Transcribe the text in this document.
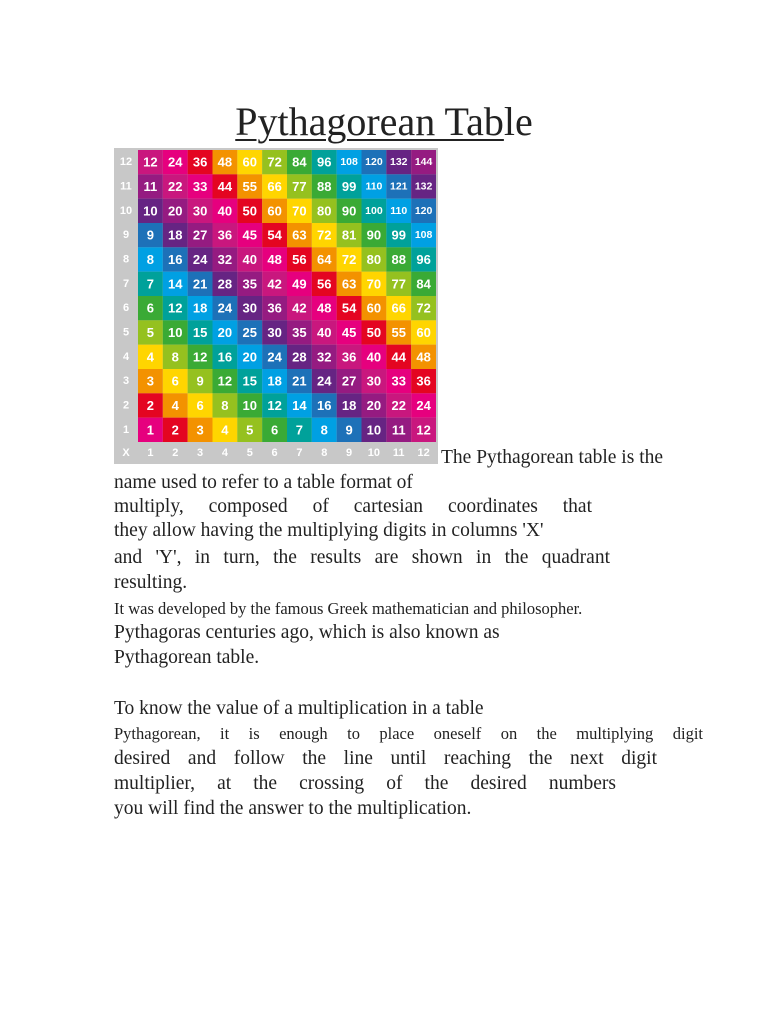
Pythagorean Table
12
11
10
9
8
7
6
5
4
3
2
1
X 1 2 3 4 5 6 7 8 9 10 11 12
12 24 36 48 60 72 84 96 108 120 132 144
11 22 33 44 55 66 77 88 99 110 121 132
10 20 30 40 50 60 70 80 90 100 110 120
9 18 27 36 45 54 63 72 81 90 99 108
8 16 24 32 40 48 56 64 72 80 88 96
7 14 21 28 35 42 49 56 63 70 77 84
6 12 18 24 30 36 42 48 54 60 66 72
5 10 15 20 25 30 35 40 45 50 55 60
4 8 12 16 20 24 28 32 36 40 44 48
3 6 9 12 15 18 21 24 27 30 33 36
2 4 6 8 10 12 14 16 18 20 22 24
1 2 3 4 5 6 7 8 9 10 11 12

The Pythagorean table is the

name used to refer to a table format of

multiply, composed of cartesian coordinates that

they allow having the multiplying digits in columns 'X'

and 'Y', in turn, the results are shown in the quadrant

resulting.

It was developed by the famous Greek mathematician and philosopher.

Pythagoras centuries ago, which is also known as

Pythagorean table.

To know the value of a multiplication in a table

Pythagorean, it is enough to place oneself on the multiplying digit

desired and follow the line until reaching the next digit

multiplier, at the crossing of the desired numbers

you will find the answer to the multiplication.
